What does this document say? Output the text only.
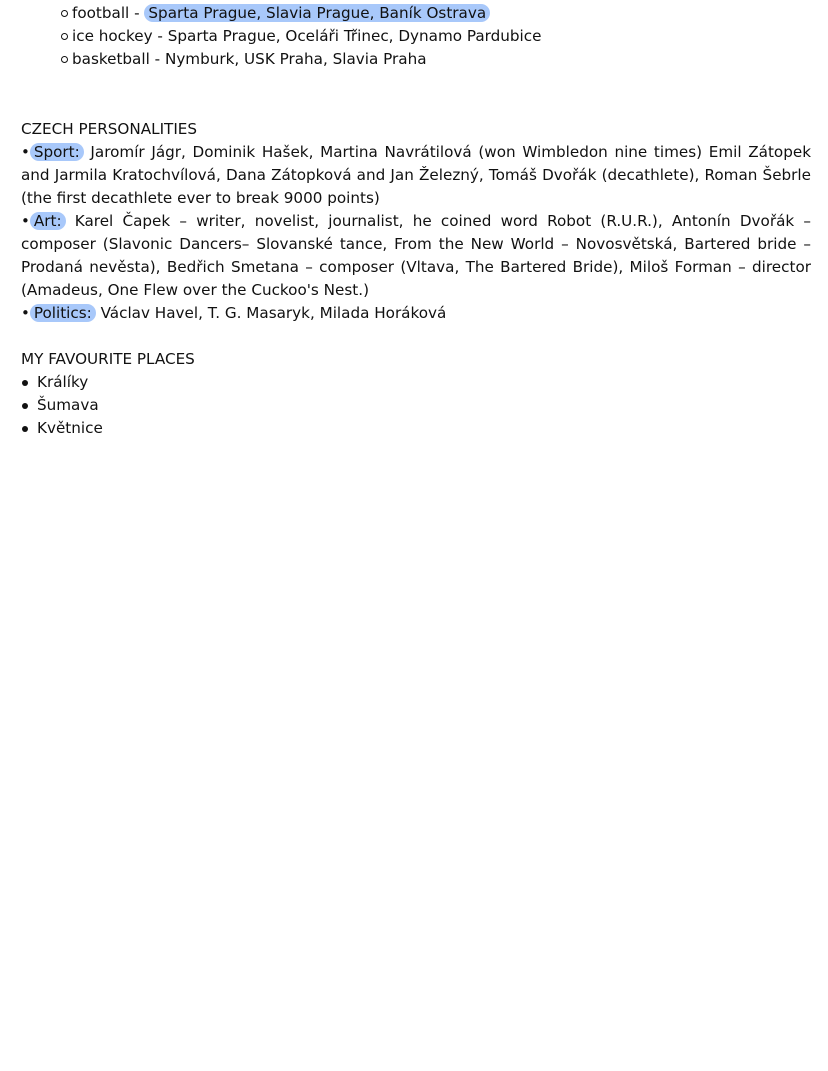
football - Sparta Prague, Slavia Prague, Baník Ostrava
ice hockey - Sparta Prague, Oceláři Třinec, Dynamo Pardubice
basketball - Nymburk, USK Praha, Slavia Praha
CZECH PERSONALITIES

• Sport: Jaromír Jágr, Dominik Hašek, Martina Navrátilová (won Wimbledon nine times) Emil Zátopek and Jarmila Kratochvílová, Dana Zátopková and Jan Železný, Tomáš Dvořák (decathlete), Roman Šebrle (the first decathlete ever to break 9000 points)

• Art: Karel Čapek – writer, novelist, journalist, he coined word Robot (R.U.R.), Antonín Dvořák – composer (Slavonic Dancers– Slovanské tance, From the New World – Novosvětská, Bartered bride – Prodaná nevěsta), Bedřich Smetana – composer (Vltava, The Bartered Bride), Miloš Forman – director (Amadeus, One Flew over the Cuckoo's Nest.)

• Politics: Václav Havel, T. G. Masaryk, Milada Horáková

MY FAVOURITE PLACES
Králíky
Šumava
Květnice
